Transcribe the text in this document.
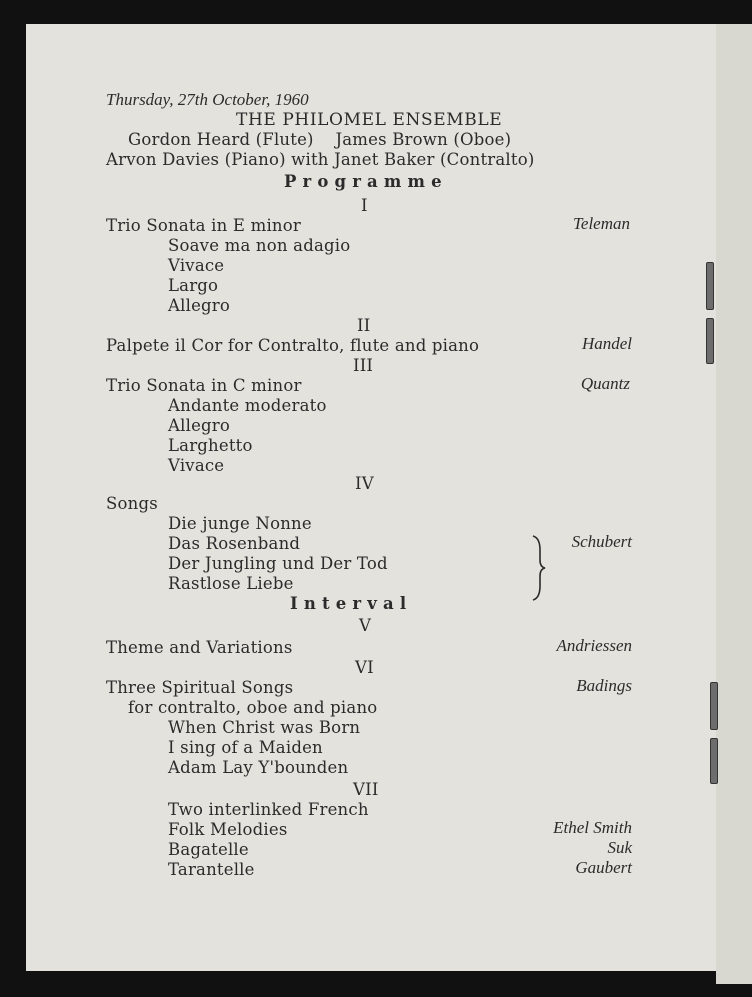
Thursday, 27th October, 1960
THE PHILOMEL ENSEMBLE
Gordon Heard (Flute)    James Brown (Oboe)
Arvon Davies (Piano) with Janet Baker (Contralto)
P r o g r a m m e
I
Trio Sonata in E minor	Teleman
Soave ma non adagio
Vivace
Largo
Allegro
II
Palpete il Cor for Contralto, flute and piano	Handel
III
Trio Sonata in C minor	Quantz
Andante moderato
Allegro
Larghetto
Vivace
IV
Songs
Die junge Nonne
Das Rosenband
Der Jungling und Der Tod
Rastlose Liebe
Schubert
I n t e r v a l
V
Theme and Variations	Andriessen
VI
Three Spiritual Songs	Badings
for contralto, oboe and piano
When Christ was Born
I sing of a Maiden
Adam Lay Y'bounden
VII
Two interlinked French
Folk Melodies	Ethel Smith
Bagatelle	Suk
Tarantelle	Gaubert
